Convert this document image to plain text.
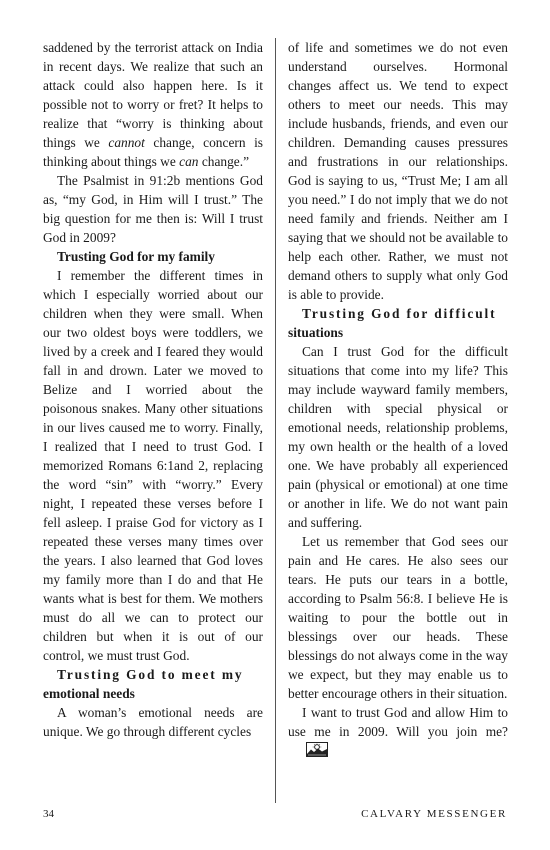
saddened by the terrorist attack on India in recent days. We realize that such an attack could also happen here. Is it possible not to worry or fret? It helps to realize that “worry is thinking about things we cannot change, concern is thinking about things we can change.”

The Psalmist in 91:2b mentions God as, “my God, in Him will I trust.” The big question for me then is: Will I trust God in 2009?

Trusting God for my family

I remember the different times in which I especially worried about our children when they were small. When our two oldest boys were toddlers, we lived by a creek and I feared they would fall in and drown. Later we moved to Belize and I worried about the poisonous snakes. Many other situations in our lives caused me to worry. Finally, I realized that I need to trust God. I memorized Romans 6:1and 2, replacing the word “sin” with “worry.” Every night, I repeated these verses before I fell asleep. I praise God for victory as I repeated these verses many times over the years. I also learned that God loves my family more than I do and that He wants what is best for them. We mothers must do all we can to protect our children but when it is out of our control, we must trust God.

Trusting God to meet my
emotional needs

A woman’s emotional needs are unique. We go through different cycles

of life and sometimes we do not even understand ourselves. Hormonal changes affect us. We tend to expect others to meet our needs. This may include husbands, friends, and even our children. Demanding causes pressures and frustrations in our relationships. God is saying to us, “Trust Me; I am all you need.” I do not imply that we do not need family and friends. Neither am I saying that we should not be available to help each other. Rather, we must not demand others to supply what only God is able to provide.

Trusting God for difficult
situations

Can I trust God for the difficult situations that come into my life? This may include wayward family members, children with special physical or emotional needs, relationship problems, my own health or the health of a loved one. We have probably all experienced pain (physical or emotional) at one time or another in life. We do not want pain and suffering.

Let us remember that God sees our pain and He cares. He also sees our tears. He puts our tears in a bottle, according to Psalm 56:8. I believe He is waiting to pour the bottle out in blessings over our heads. These blessings do not always come in the way we expect, but they may enable us to better encourage others in their situation.

I want to trust God and allow Him to use me in 2009. Will you join me?

34	CALVARY MESSENGER
